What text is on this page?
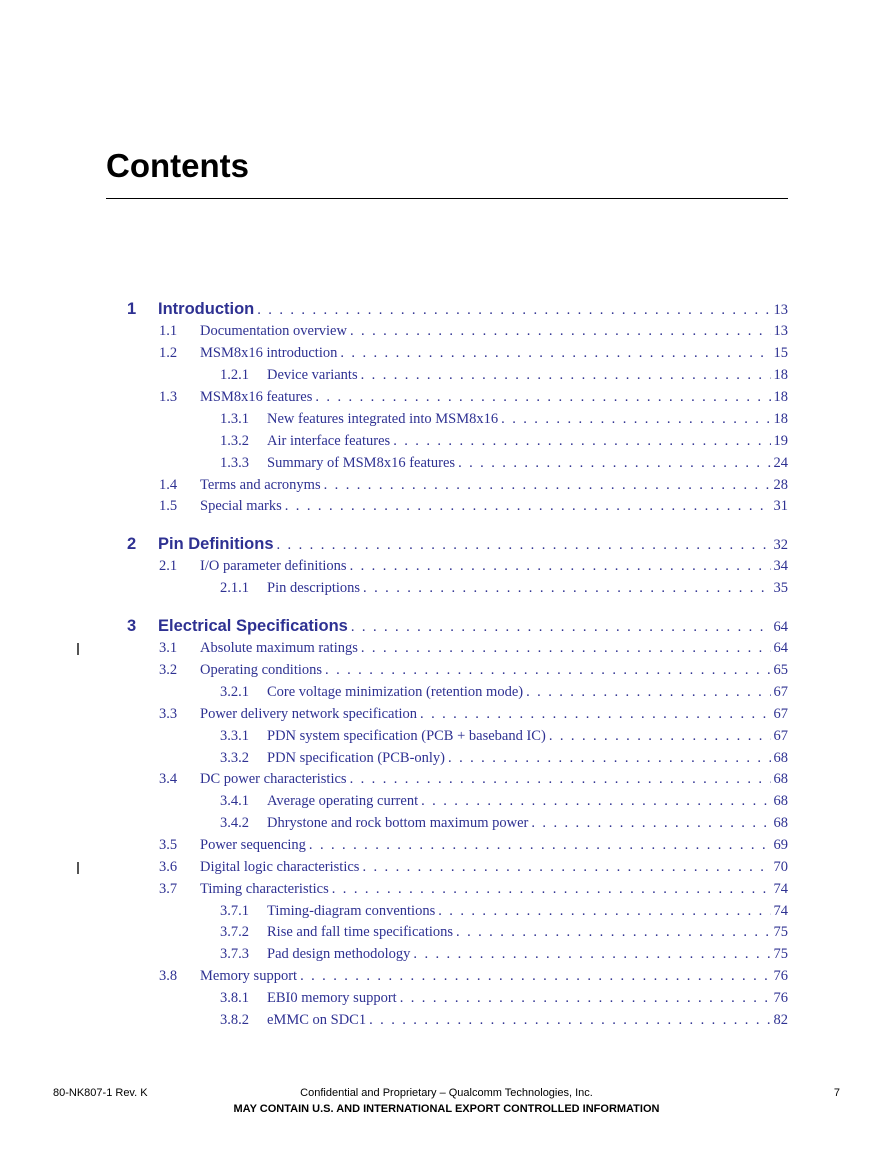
Contents
1	Introduction . . .	13
1.1	Documentation overview . . .	13
1.2	MSM8x16 introduction . . .	15
1.2.1	Device variants . . .	18
1.3	MSM8x16 features . . .	18
1.3.1	New features integrated into MSM8x16 . . .	18
1.3.2	Air interface features . . .	19
1.3.3	Summary of MSM8x16 features . . .	24
1.4	Terms and acronyms . . .	28
1.5	Special marks . . .	31
2	Pin Definitions . . .	32
2.1	I/O parameter definitions . . .	34
2.1.1	Pin descriptions . . .	35
3	Electrical Specifications . . .	64
3.1	Absolute maximum ratings . . .	64
3.2	Operating conditions . . .	65
3.2.1	Core voltage minimization (retention mode) . . .	67
3.3	Power delivery network specification . . .	67
3.3.1	PDN system specification (PCB + baseband IC) . . .	67
3.3.2	PDN specification (PCB-only) . . .	68
3.4	DC power characteristics . . .	68
3.4.1	Average operating current . . .	68
3.4.2	Dhrystone and rock bottom maximum power . . .	68
3.5	Power sequencing . . .	69
3.6	Digital logic characteristics . . .	70
3.7	Timing characteristics . . .	74
3.7.1	Timing-diagram conventions . . .	74
3.7.2	Rise and fall time specifications . . .	75
3.7.3	Pad design methodology . . .	75
3.8	Memory support . . .	76
3.8.1	EBI0 memory support . . .	76
3.8.2	eMMC on SDC1 . . .	82
80-NK807-1 Rev. K	Confidential and Proprietary – Qualcomm Technologies, Inc.	7
MAY CONTAIN U.S. AND INTERNATIONAL EXPORT CONTROLLED INFORMATION
